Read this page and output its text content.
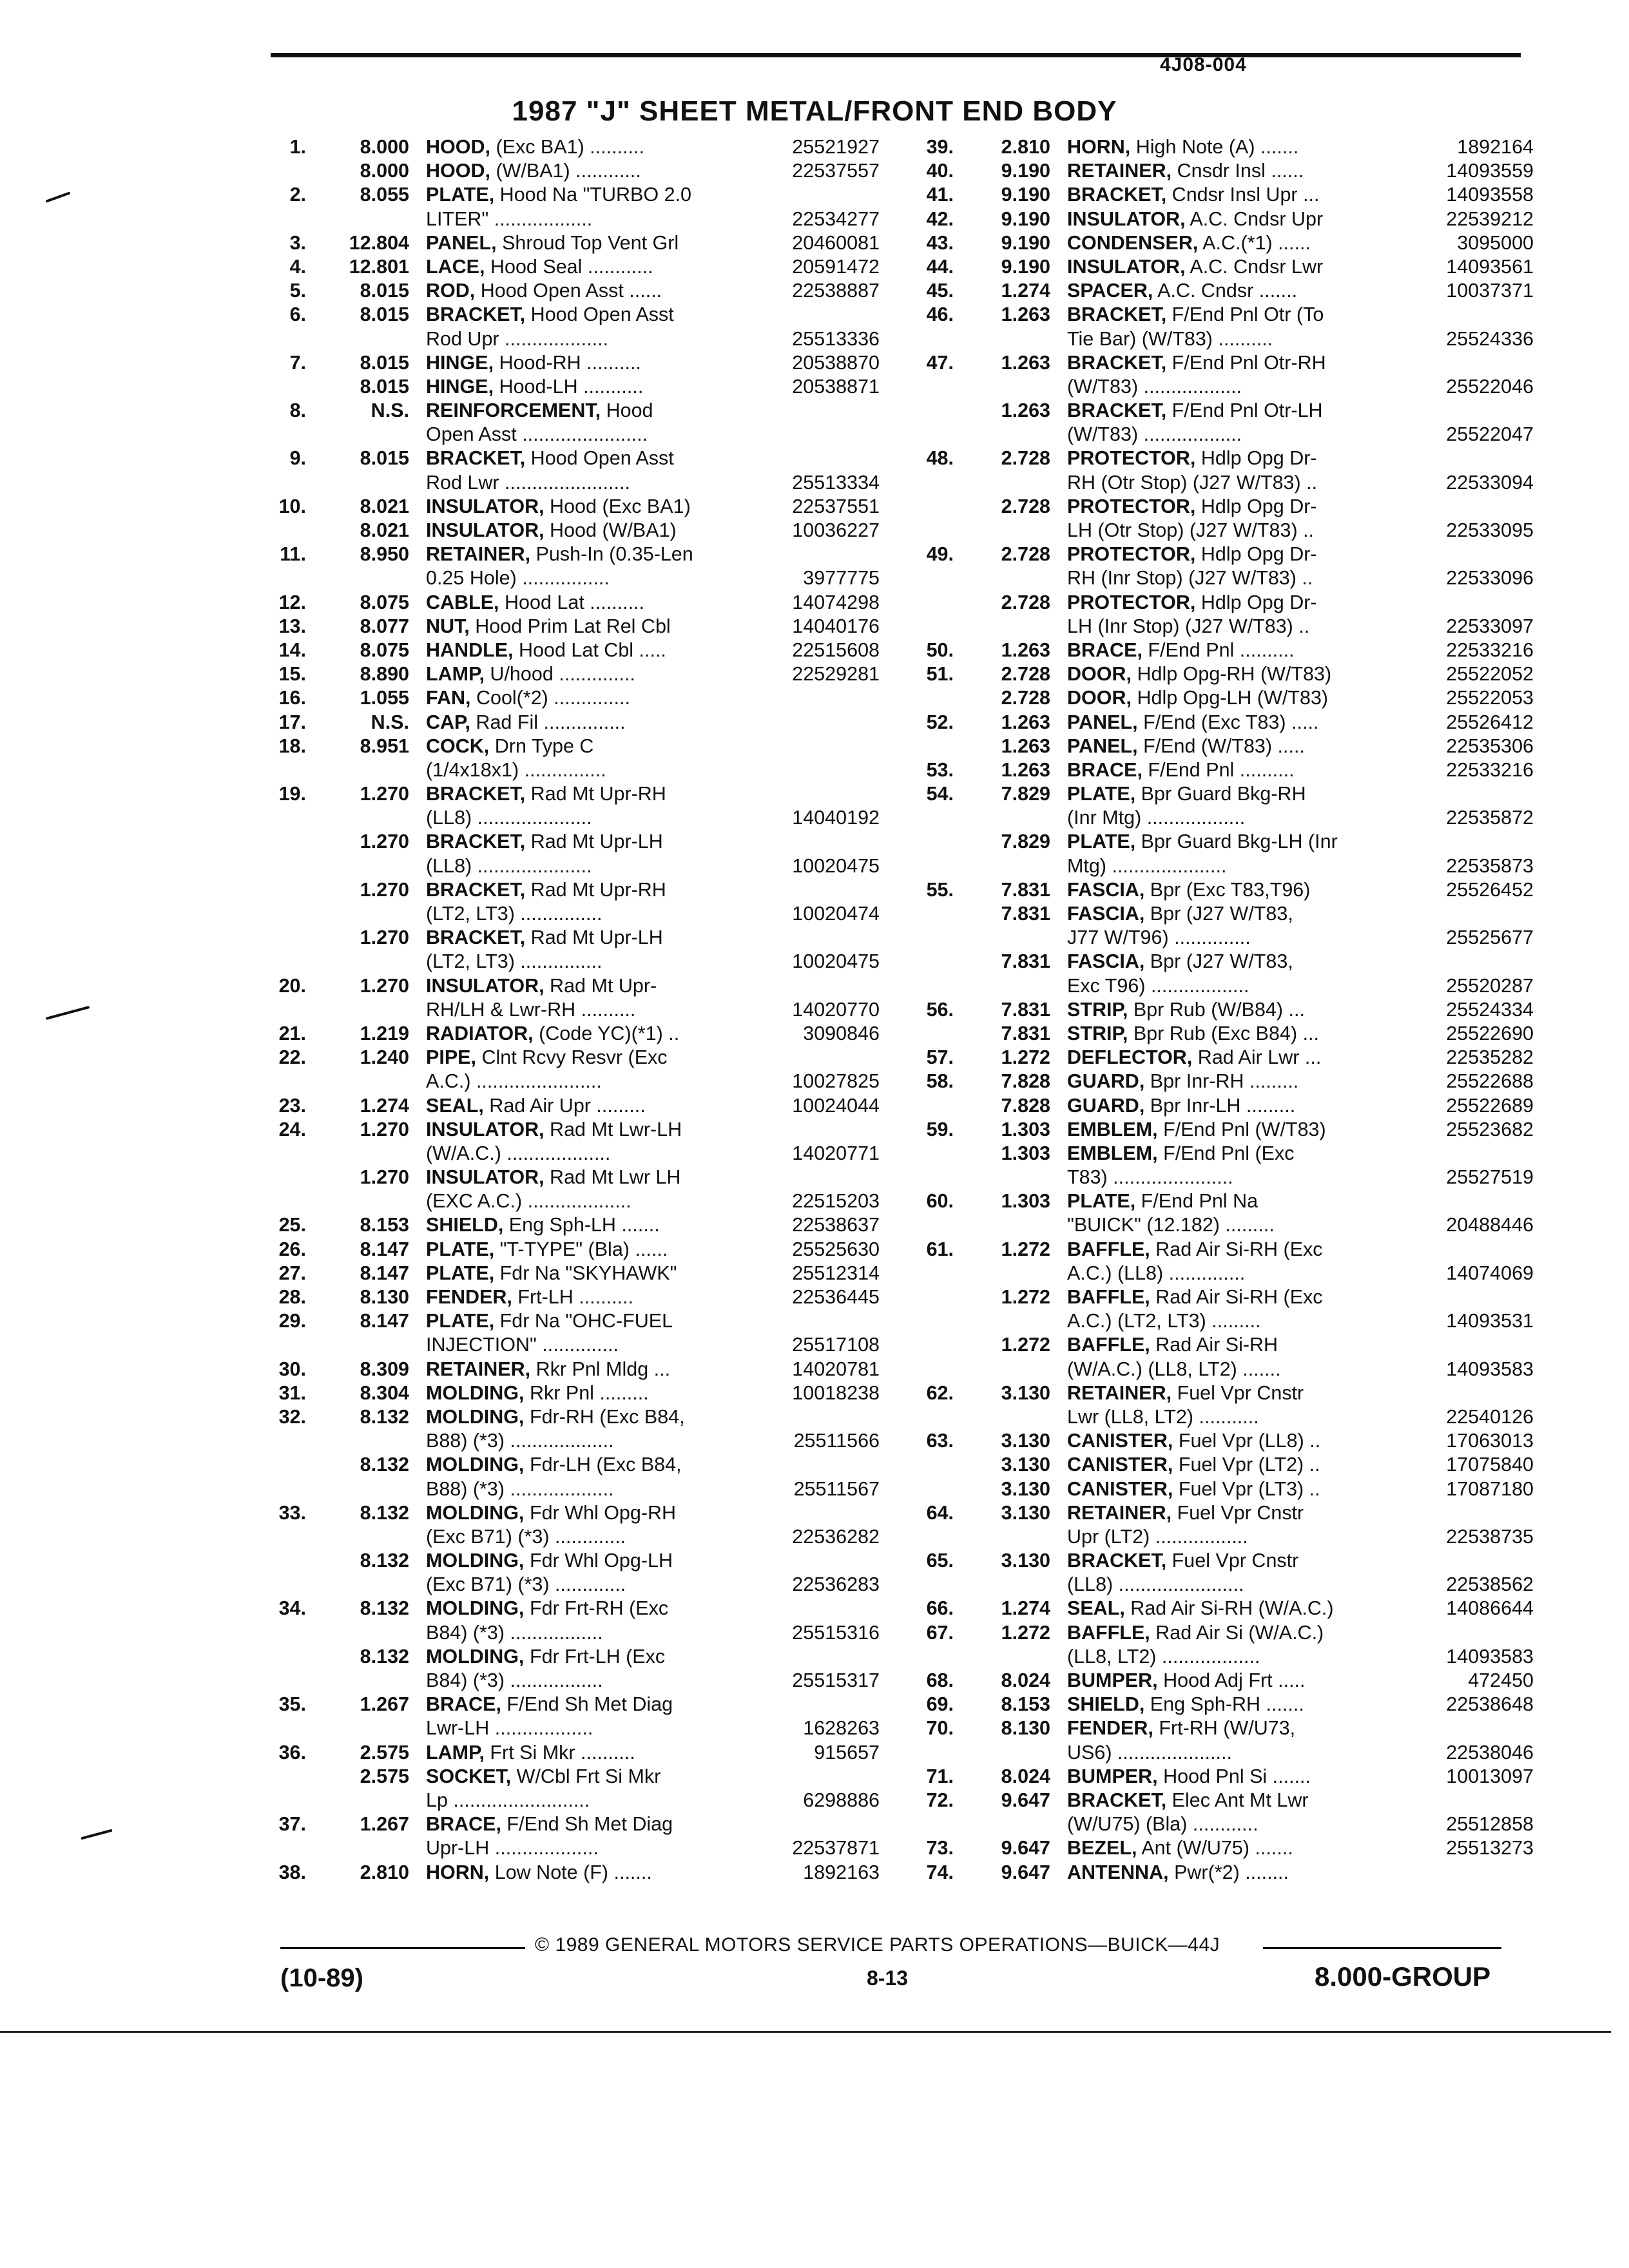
4J08-004
1987 "J" SHEET METAL/FRONT END BODY
1.	8.000 HOOD, (Exc BA1) ..........	25521927
8.000 HOOD, (W/BA1) ............	22537557
2.	8.055 PLATE, Hood Na "TURBO 2.0
LITER" ..................	22534277
3.	12.804 PANEL, Shroud Top Vent Grl	20460081
4.	12.801 LACE, Hood Seal ............	20591472
5.	8.015 ROD, Hood Open Asst ......	22538887
6.	8.015 BRACKET, Hood Open Asst
Rod Upr ...................	25513336
7.	8.015 HINGE, Hood-RH ..........	20538870
8.015 HINGE, Hood-LH ...........	20538871
8.	N.S. REINFORCEMENT, Hood
Open Asst .......................
9.	8.015 BRACKET, Hood Open Asst
Rod Lwr .......................	25513334
10.	8.021 INSULATOR, Hood (Exc BA1)	22537551
8.021 INSULATOR, Hood (W/BA1)	10036227
11.	8.950 RETAINER, Push-In (0.35-Len
0.25 Hole) ................	3977775
12.	8.075 CABLE, Hood Lat ..........	14074298
13.	8.077 NUT, Hood Prim Lat Rel Cbl	14040176
14.	8.075 HANDLE, Hood Lat Cbl .....	22515608
15.	8.890 LAMP, U/hood ..............	22529281
16.	1.055 FAN, Cool(*2) ..............
17.	N.S. CAP, Rad Fil ...............
18.	8.951 COCK, Drn Type C
(1/4x18x1) ...............
19.	1.270 BRACKET, Rad Mt Upr-RH
(LL8) .....................	14040192
1.270 BRACKET, Rad Mt Upr-LH
(LL8) .....................	10020475
1.270 BRACKET, Rad Mt Upr-RH
(LT2, LT3) ...............	10020474
1.270 BRACKET, Rad Mt Upr-LH
(LT2, LT3) ...............	10020475
20.	1.270 INSULATOR, Rad Mt Upr-
RH/LH & Lwr-RH ..........	14020770
21.	1.219 RADIATOR, (Code YC)(*1) ..	3090846
22.	1.240 PIPE, Clnt Rcvy Resvr (Exc
A.C.) .......................	10027825
23.	1.274 SEAL, Rad Air Upr .........	10024044
24.	1.270 INSULATOR, Rad Mt Lwr-LH
(W/A.C.) ...................	14020771
1.270 INSULATOR, Rad Mt Lwr LH
(EXC A.C.) ...................	22515203
25.	8.153 SHIELD, Eng Sph-LH .......	22538637
26.	8.147 PLATE, "T-TYPE" (Bla) ......	25525630
27.	8.147 PLATE, Fdr Na "SKYHAWK"	25512314
28.	8.130 FENDER, Frt-LH ..........	22536445
29.	8.147 PLATE, Fdr Na "OHC-FUEL
INJECTION" ..............	25517108
30.	8.309 RETAINER, Rkr Pnl Mldg ...	14020781
31.	8.304 MOLDING, Rkr Pnl .........	10018238
32.	8.132 MOLDING, Fdr-RH (Exc B84,
B88) (*3) ...................	25511566
8.132 MOLDING, Fdr-LH (Exc B84,
B88) (*3) ...................	25511567
33.	8.132 MOLDING, Fdr Whl Opg-RH
(Exc B71) (*3) .............	22536282
8.132 MOLDING, Fdr Whl Opg-LH
(Exc B71) (*3) .............	22536283
34.	8.132 MOLDING, Fdr Frt-RH (Exc
B84) (*3) .................	25515316
8.132 MOLDING, Fdr Frt-LH (Exc
B84) (*3) .................	25515317
35.	1.267 BRACE, F/End Sh Met Diag
Lwr-LH ..................	1628263
36.	2.575 LAMP, Frt Si Mkr ..........	915657
2.575 SOCKET, W/Cbl Frt Si Mkr
Lp .........................	6298886
37.	1.267 BRACE, F/End Sh Met Diag
Upr-LH ...................	22537871
38.	2.810 HORN, Low Note (F) .......	1892163
39.	2.810 HORN, High Note (A) .......	1892164
40.	9.190 RETAINER, Cnsdr Insl ......	14093559
41.	9.190 BRACKET, Cndsr Insl Upr ...	14093558
42.	9.190 INSULATOR, A.C. Cndsr Upr	22539212
43.	9.190 CONDENSER, A.C.(*1) ......	3095000
44.	9.190 INSULATOR, A.C. Cndsr Lwr	14093561
45.	1.274 SPACER, A.C. Cndsr .......	10037371
46.	1.263 BRACKET, F/End Pnl Otr (To
Tie Bar) (W/T83) ..........	25524336
47.	1.263 BRACKET, F/End Pnl Otr-RH
(W/T83) ..................	25522046
1.263 BRACKET, F/End Pnl Otr-LH
(W/T83) ..................	25522047
48.	2.728 PROTECTOR, Hdlp Opg Dr-
RH (Otr Stop) (J27 W/T83) ..	22533094
2.728 PROTECTOR, Hdlp Opg Dr-
LH (Otr Stop) (J27 W/T83) ..	22533095
49.	2.728 PROTECTOR, Hdlp Opg Dr-
RH (Inr Stop) (J27 W/T83) ..	22533096
2.728 PROTECTOR, Hdlp Opg Dr-
LH (Inr Stop) (J27 W/T83) ..	22533097
50.	1.263 BRACE, F/End Pnl ..........	22533216
51.	2.728 DOOR, Hdlp Opg-RH (W/T83)	25522052
2.728 DOOR, Hdlp Opg-LH (W/T83)	25522053
52.	1.263 PANEL, F/End (Exc T83) .....	25526412
1.263 PANEL, F/End (W/T83) .....	22535306
53.	1.263 BRACE, F/End Pnl ..........	22533216
54.	7.829 PLATE, Bpr Guard Bkg-RH
(Inr Mtg) ..................	22535872
7.829 PLATE, Bpr Guard Bkg-LH (Inr
Mtg) .....................	22535873
55.	7.831 FASCIA, Bpr (Exc T83,T96)	25526452
7.831 FASCIA, Bpr (J27 W/T83,
J77 W/T96) ..............	25525677
7.831 FASCIA, Bpr (J27 W/T83,
Exc T96) ..................	25520287
56.	7.831 STRIP, Bpr Rub (W/B84) ...	25524334
7.831 STRIP, Bpr Rub (Exc B84) ...	25522690
57.	1.272 DEFLECTOR, Rad Air Lwr ...	22535282
58.	7.828 GUARD, Bpr Inr-RH .........	25522688
7.828 GUARD, Bpr Inr-LH .........	25522689
59.	1.303 EMBLEM, F/End Pnl (W/T83)	25523682
1.303 EMBLEM, F/End Pnl (Exc
T83) ......................	25527519
60.	1.303 PLATE, F/End Pnl Na
"BUICK" (12.182) .........	20488446
61.	1.272 BAFFLE, Rad Air Si-RH (Exc
A.C.) (LL8) ..............	14074069
1.272 BAFFLE, Rad Air Si-RH (Exc
A.C.) (LT2, LT3) .........	14093531
1.272 BAFFLE, Rad Air Si-RH
(W/A.C.) (LL8, LT2) .......	14093583
62.	3.130 RETAINER, Fuel Vpr Cnstr
Lwr (LL8, LT2) ...........	22540126
63.	3.130 CANISTER, Fuel Vpr (LL8) ..	17063013
3.130 CANISTER, Fuel Vpr (LT2) ..	17075840
3.130 CANISTER, Fuel Vpr (LT3) ..	17087180
64.	3.130 RETAINER, Fuel Vpr Cnstr
Upr (LT2) .................	22538735
65.	3.130 BRACKET, Fuel Vpr Cnstr
(LL8) .......................	22538562
66.	1.274 SEAL, Rad Air Si-RH (W/A.C.)	14086644
67.	1.272 BAFFLE, Rad Air Si (W/A.C.)
(LL8, LT2) ..................	14093583
68.	8.024 BUMPER, Hood Adj Frt .....	472450
69.	8.153 SHIELD, Eng Sph-RH .......	22538648
70.	8.130 FENDER, Frt-RH (W/U73,
US6) .....................	22538046
71.	8.024 BUMPER, Hood Pnl Si .......	10013097
72.	9.647 BRACKET, Elec Ant Mt Lwr
(W/U75) (Bla) ............	25512858
73.	9.647 BEZEL, Ant (W/U75) .......	25513273
74.	9.647 ANTENNA, Pwr(*2) ........
© 1989 GENERAL MOTORS SERVICE PARTS OPERATIONS—BUICK—44J
(10-89)	8-13	8.000-GROUP
